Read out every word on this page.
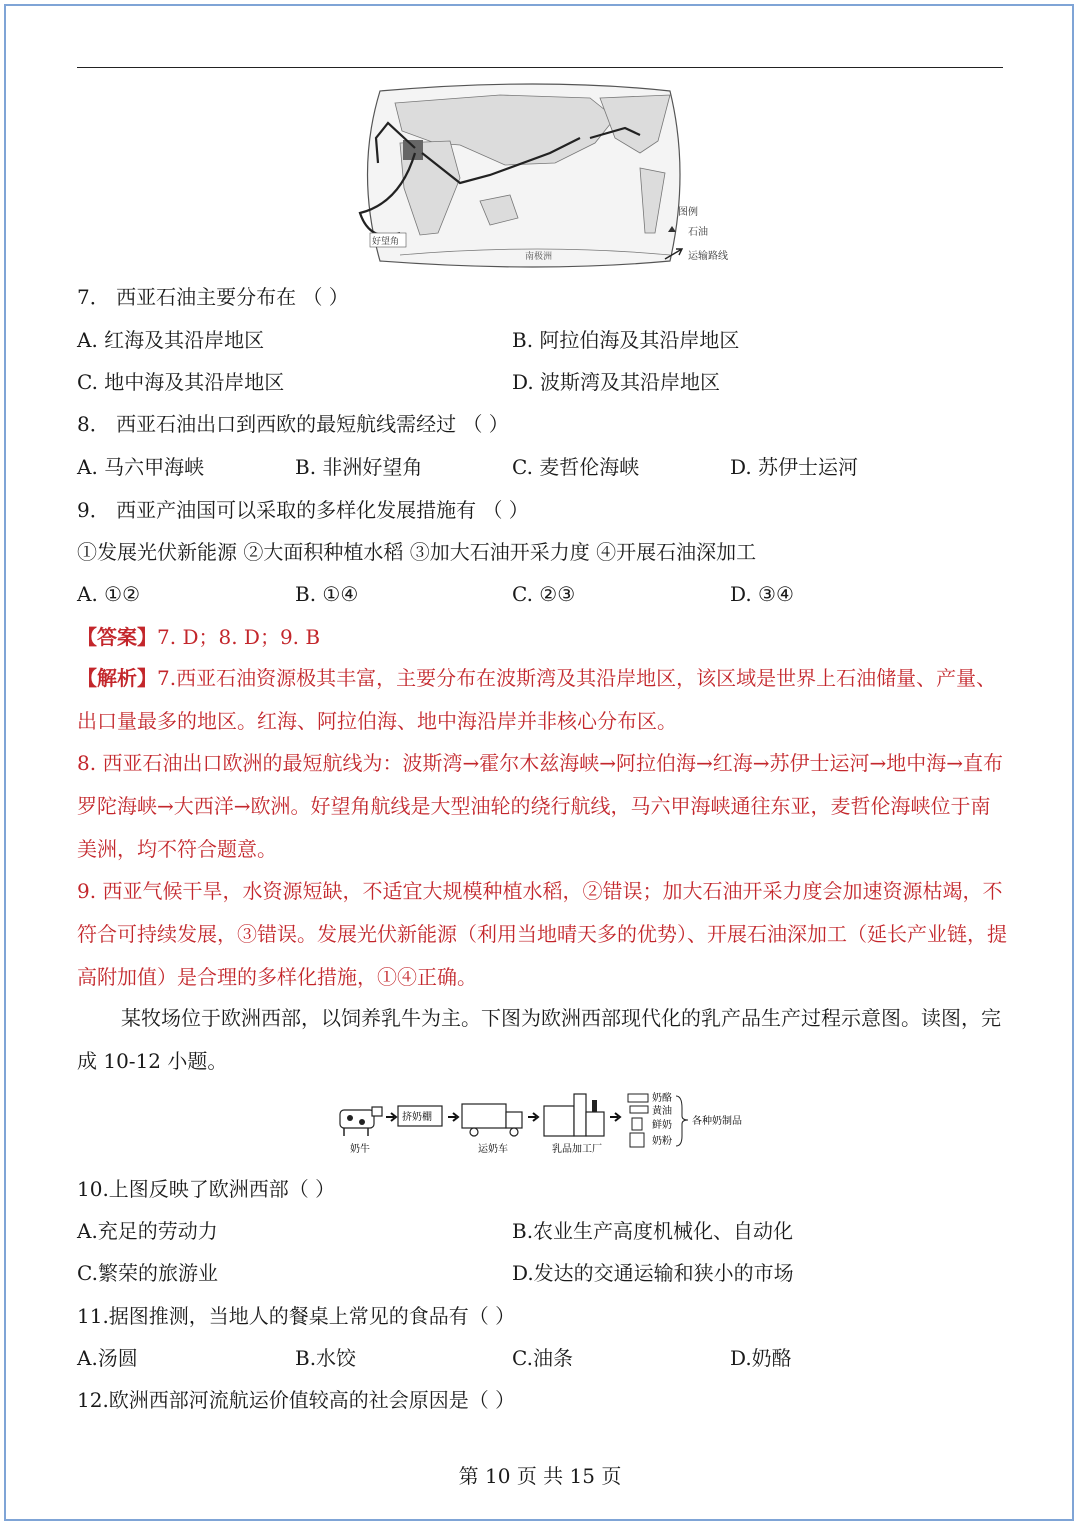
好望角
南极洲
图例
石油
运输路线
7． 西亚石油主要分布在 （ ）
A. 红海及其沿岸地区	B. 阿拉伯海及其沿岸地区
C. 地中海及其沿岸地区	D. 波斯湾及其沿岸地区
8． 西亚石油出口到西欧的最短航线需经过 （ ）
A. 马六甲海峡	B. 非洲好望角	C. 麦哲伦海峡	D. 苏伊士运河
9． 西亚产油国可以采取的多样化发展措施有 （ ）
①发展光伏新能源 ②大面积种植水稻 ③加大石油开采力度 ④开展石油深加工
A. ①②	B. ①④	C. ②③	D. ③④
【答案】7. D；8. D；9. B
【解析】7.西亚石油资源极其丰富，主要分布在波斯湾及其沿岸地区，该区域是世界上石油储量、产量、出口量最多的地区。红海、阿拉伯海、地中海沿岸并非核心分布区。
8. 西亚石油出口欧洲的最短航线为：波斯湾→霍尔木兹海峡→阿拉伯海→红海→苏伊士运河→地中海→直布罗陀海峡→大西洋→欧洲。好望角航线是大型油轮的绕行航线，马六甲海峡通往东亚，麦哲伦海峡位于南美洲，均不符合题意。
9. 西亚气候干旱，水资源短缺，不适宜大规模种植水稻，②错误；加大石油开采力度会加速资源枯竭，不符合可持续发展，③错误。发展光伏新能源（利用当地晴天多的优势）、开展石油深加工（延长产业链，提高附加值）是合理的多样化措施，①④正确。
某牧场位于欧洲西部，以饲养乳牛为主。下图为欧洲西部现代化的乳产品生产过程示意图。读图，完成 10-12 小题。
奶牛
挤奶棚
运奶车	乳品加工厂
奶酪
黄油
鲜奶
奶粉
各种奶制品
10.上图反映了欧洲西部（ ）
A.充足的劳动力	B.农业生产高度机械化、自动化
C.繁荣的旅游业	D.发达的交通运输和狭小的市场
11.据图推测，当地人的餐桌上常见的食品有（ ）
A.汤圆	B.水饺	C.油条	D.奶酪
12.欧洲西部河流航运价值较高的社会原因是（ ）
第 10 页 共 15 页
